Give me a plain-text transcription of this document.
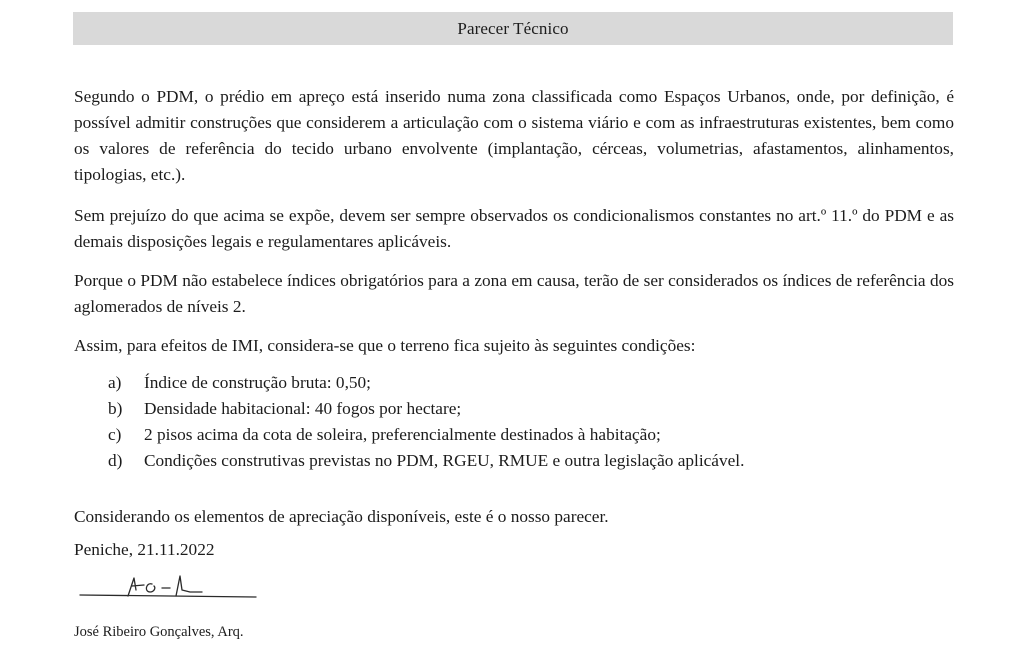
Parecer Técnico

Segundo o PDM, o prédio em apreço está inserido numa zona classificada como Espaços Urbanos, onde, por definição, é possível admitir construções que considerem a articulação com o sistema viário e com as infraestruturas existentes, bem como os valores de referência do tecido urbano envolvente (implantação, cérceas, volumetrias, afastamentos, alinhamentos, tipologias, etc.).

Sem prejuízo do que acima se expõe, devem ser sempre observados os condicionalismos constantes no art.º 11.º do PDM e as demais disposições legais e regulamentares aplicáveis.

Porque o PDM não estabelece índices obrigatórios para a zona em causa, terão de ser considerados os índices de referência dos aglomerados de níveis 2.

Assim, para efeitos de IMI, considera-se que o terreno fica sujeito às seguintes condições:

a)	Índice de construção bruta: 0,50;
b)	Densidade habitacional: 40 fogos por hectare;
c)	2 pisos acima da cota de soleira, preferencialmente destinados à habitação;
d)	Condições construtivas previstas no PDM, RGEU, RMUE e outra legislação aplicável.

Considerando os elementos de apreciação disponíveis, este é o nosso parecer.

Peniche, 21.11.2022

José Ribeiro Gonçalves, Arq.
